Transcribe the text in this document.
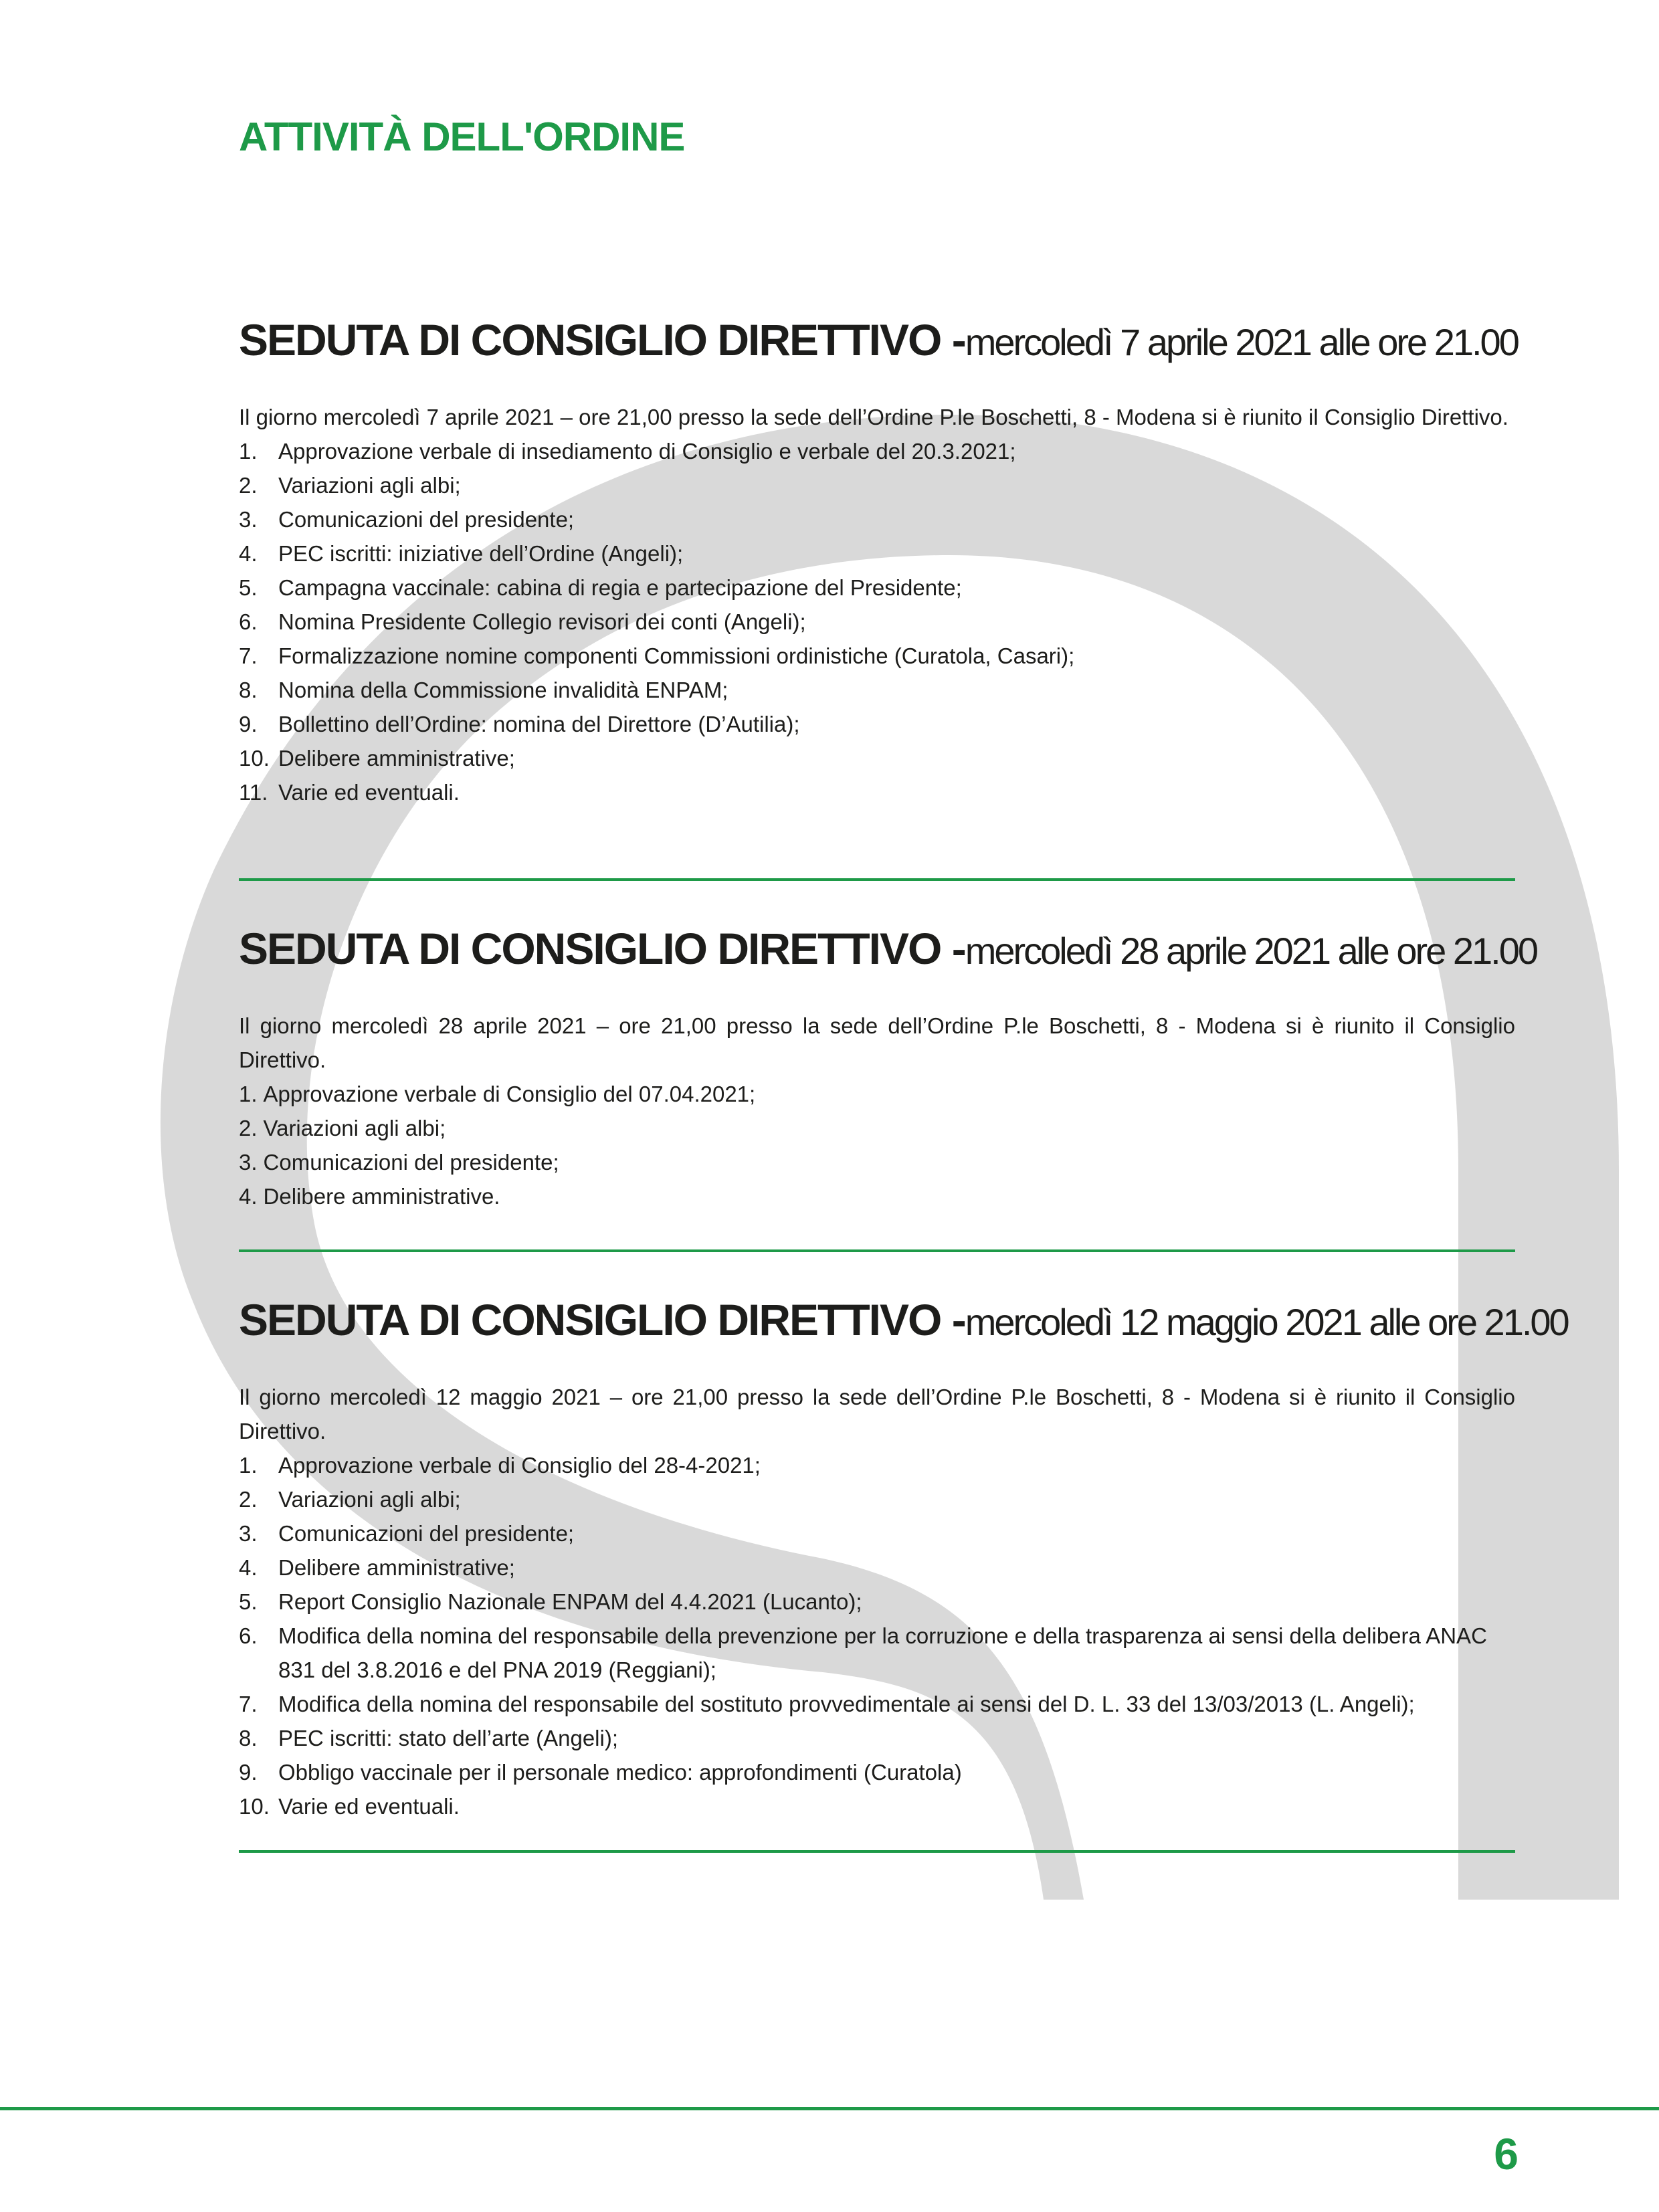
ATTIVITÀ DELL'ORDINE
SEDUTA DI CONSIGLIO DIRETTIVO - mercoledì 7 aprile 2021 alle ore 21.00

Il giorno mercoledì 7 aprile 2021 – ore 21,00 presso la sede dell’Ordine P.le Boschetti, 8 - Modena si è riunito il Consiglio Direttivo.

1. Approvazione verbale di insediamento di Consiglio e verbale del 20.3.2021;
2. Variazioni agli albi;
3. Comunicazioni del presidente;
4. PEC iscritti: iniziative dell’Ordine (Angeli);
5. Campagna vaccinale: cabina di regia e partecipazione del Presidente;
6. Nomina Presidente Collegio revisori dei conti (Angeli);
7. Formalizzazione nomine componenti Commissioni ordinistiche (Curatola, Casari);
8. Nomina della Commissione invalidità ENPAM;
9. Bollettino dell’Ordine: nomina del Direttore (D’Autilia);
10. Delibere amministrative;
11. Varie ed eventuali.
SEDUTA DI CONSIGLIO DIRETTIVO - mercoledì 28 aprile 2021 alle ore 21.00

Il giorno mercoledì 28 aprile 2021 – ore 21,00 presso la sede dell’Ordine P.le Boschetti, 8 - Modena si è riunito il Consiglio Direttivo.

1. Approvazione verbale di Consiglio del 07.04.2021;
2. Variazioni agli albi;
3. Comunicazioni del presidente;
4. Delibere amministrative.
SEDUTA DI CONSIGLIO DIRETTIVO - mercoledì 12 maggio 2021 alle ore 21.00

Il giorno mercoledì 12 maggio 2021 – ore 21,00 presso la sede dell’Ordine P.le Boschetti, 8 - Modena si è riunito il Consiglio Direttivo.

1. Approvazione verbale di Consiglio del 28-4-2021;
2. Variazioni agli albi;
3. Comunicazioni del presidente;
4. Delibere amministrative;
5. Report Consiglio Nazionale ENPAM del 4.4.2021 (Lucanto);
6. Modifica della nomina del responsabile della prevenzione per la corruzione e della trasparenza ai sensi della delibera ANAC 831 del 3.8.2016 e del PNA 2019 (Reggiani);
7. Modifica della nomina del responsabile del sostituto provvedimentale ai sensi del D. L. 33 del 13/03/2013 (L. Angeli);
8. PEC iscritti: stato dell’arte (Angeli);
9. Obbligo vaccinale per il personale medico: approfondimenti (Curatola)
10. Varie ed eventuali.
6
